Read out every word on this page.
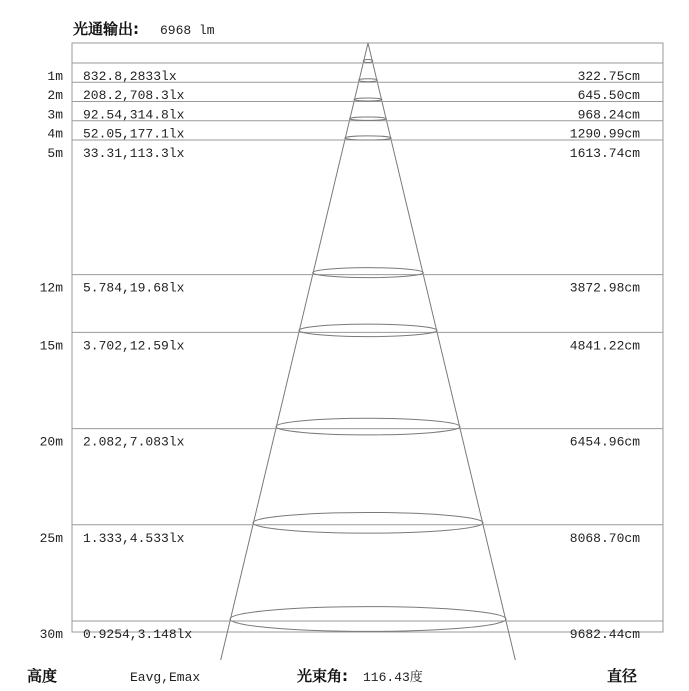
光通输出: 6968 lm
1m 832.8,2833lx	322.75cm
2m 208.2,708.3lx	645.50cm
3m 92.54,314.8lx	968.24cm
4m 52.05,177.1lx	1290.99cm
5m 33.31,113.3lx	1613.74cm
12m 5.784,19.68lx	3872.98cm
15m 3.702,12.59lx	4841.22cm
20m 2.082,7.083lx	6454.96cm
25m 1.333,4.533lx	8068.70cm
30m 0.9254,3.148lx	9682.44cm
高度	Eavg,Emax	光束角: 116.43度	直径
